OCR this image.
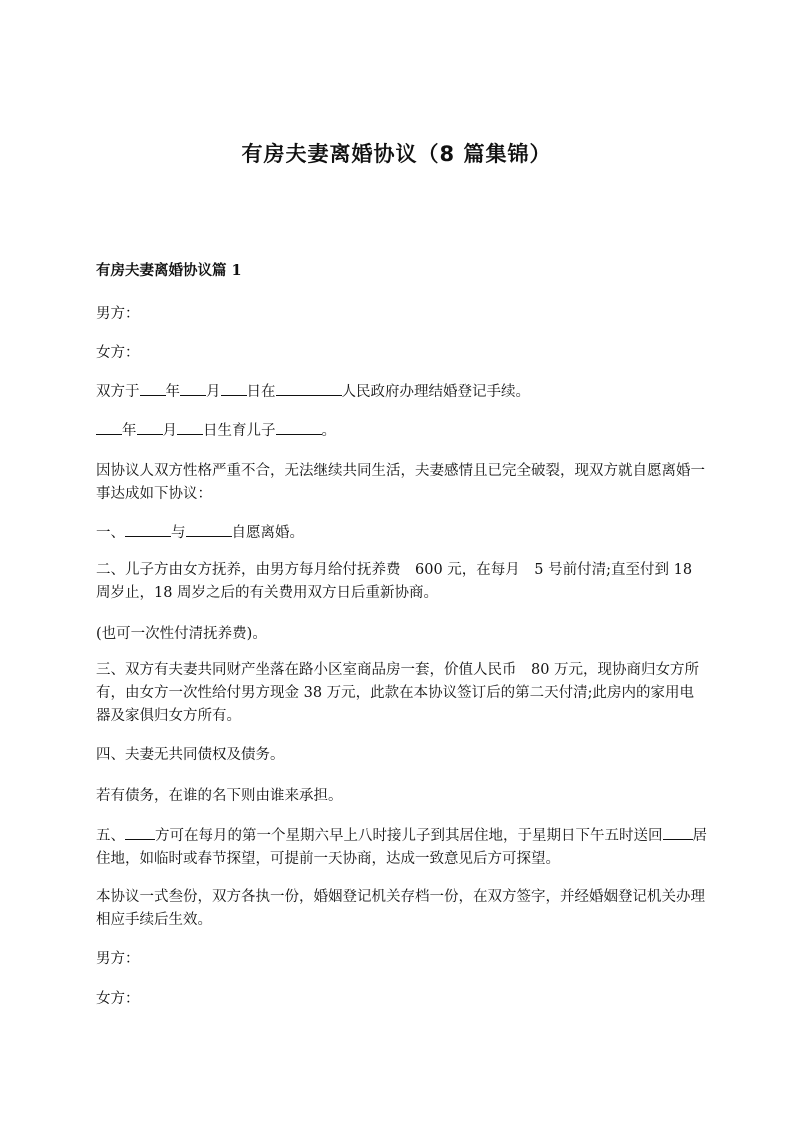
有房夫妻离婚协议（8 篇集锦）
有房夫妻离婚协议篇 1
男方：
女方：
双方于 年 月 日在	人民政府办理结婚登记手续。
年 月 日生育儿子	。
因协议人双方性格严重不合，无法继续共同生活，夫妻感情且已完全破裂，现双方就自愿离婚一事达成如下协议：
一、	与	自愿离婚。
二、儿子方由女方抚养，由男方每月给付抚养费　600 元，在每月　5 号前付清;直至付到 18 周岁止，18 周岁之后的有关费用双方日后重新协商。
(也可一次性付清抚养费)。
三、双方有夫妻共同财产坐落在路小区室商品房一套，价值人民币　80 万元，现协商归女方所有，由女方一次性给付男方现金 38 万元，此款在本协议签订后的第二天付清;此房内的家用电器及家俱归女方所有。
四、夫妻无共同债权及债务。
若有债务，在谁的名下则由谁来承担。
五、 方可在每月的第一个星期六早上八时接儿子到其居住地，于星期日下午五时送回 居住地，如临时或春节探望，可提前一天协商，达成一致意见后方可探望。
本协议一式叁份，双方各执一份，婚姻登记机关存档一份，在双方签字，并经婚姻登记机关办理相应手续后生效。
男方：
女方：
